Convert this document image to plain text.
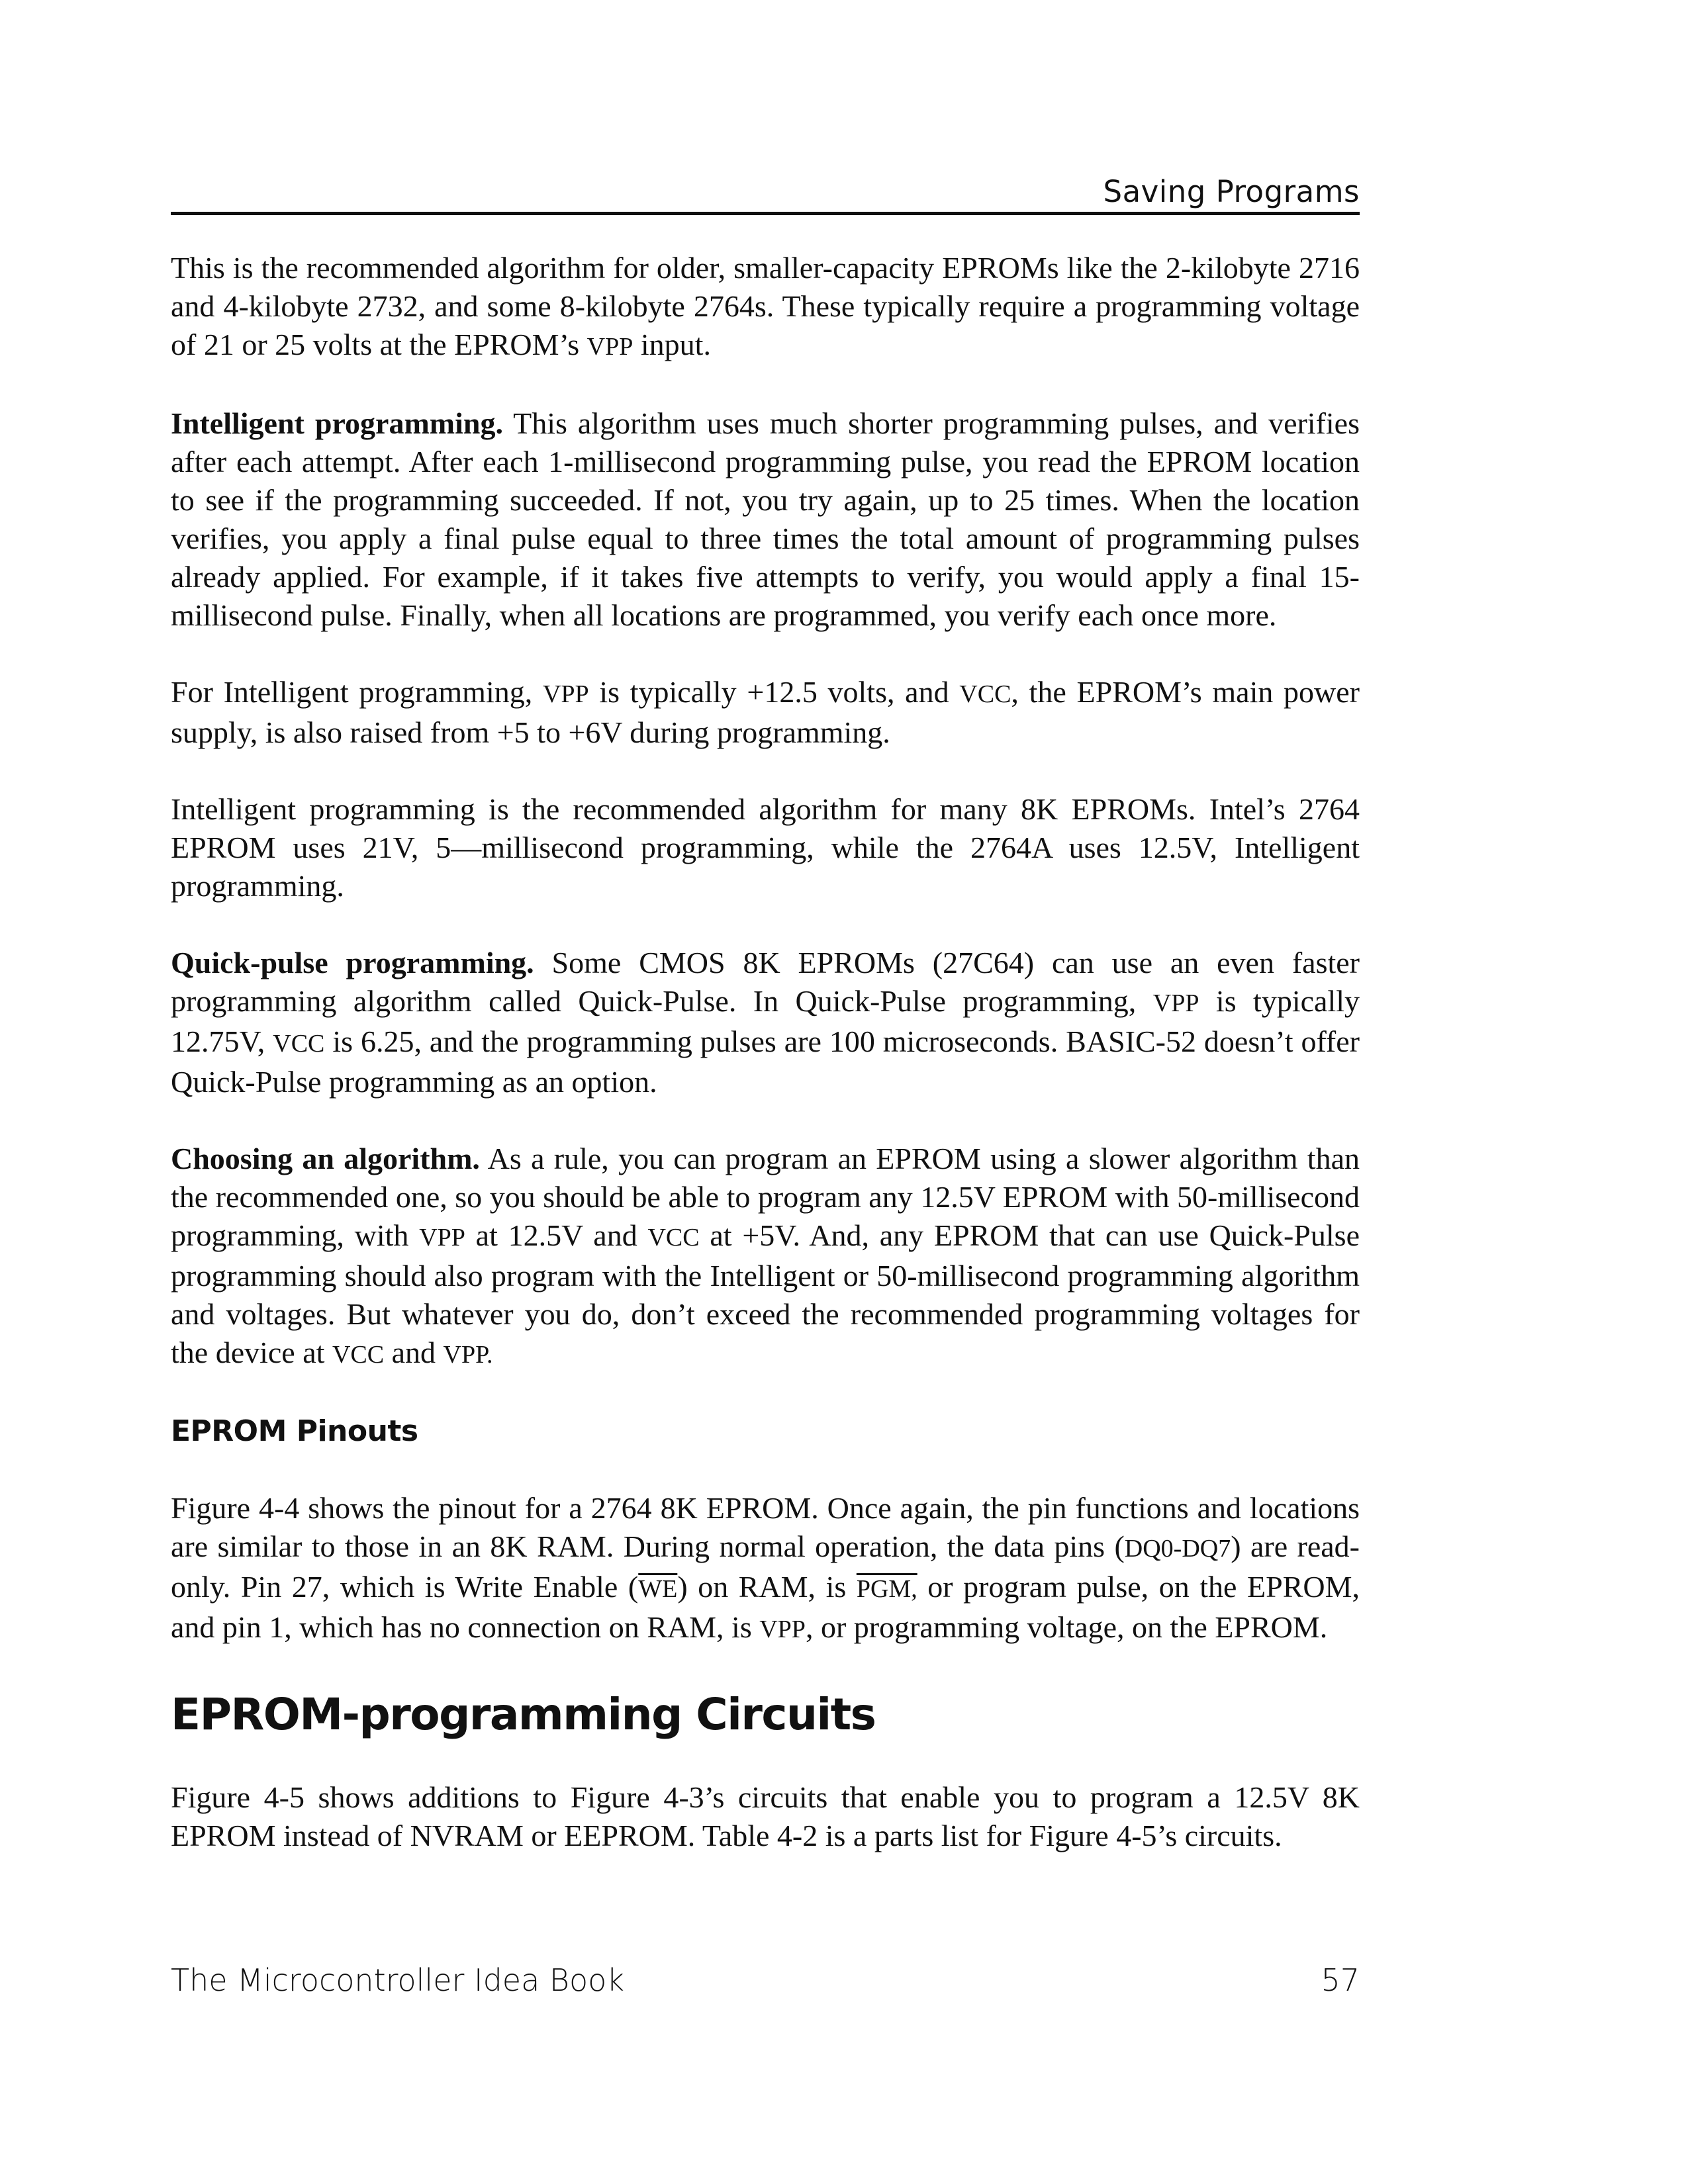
Saving Programs

This is the recommended algorithm for older, smaller-capacity EPROMs like the 2-kilobyte 2716 and 4-kilobyte 2732, and some 8-kilobyte 2764s. These typically require a programming voltage of 21 or 25 volts at the EPROM’s VPP input.

Intelligent programming. This algorithm uses much shorter programming pulses, and verifies after each attempt. After each 1-millisecond programming pulse, you read the EPROM location to see if the programming succeeded. If not, you try again, up to 25 times. When the location verifies, you apply a final pulse equal to three times the total amount of programming pulses already applied. For example, if it takes five attempts to verify, you would apply a final 15-millisecond pulse. Finally, when all locations are programmed, you verify each once more.

For Intelligent programming, VPP is typically +12.5 volts, and VCC, the EPROM’s main power supply, is also raised from +5 to +6V during programming.

Intelligent programming is the recommended algorithm for many 8K EPROMs. Intel’s 2764 EPROM uses 21V, 5—millisecond programming, while the 2764A uses 12.5V, Intelligent programming.

Quick-pulse programming. Some CMOS 8K EPROMs (27C64) can use an even faster programming algorithm called Quick-Pulse. In Quick-Pulse programming, VPP is typically 12.75V, VCC is 6.25, and the programming pulses are 100 microseconds. BASIC-52 doesn’t offer Quick-Pulse programming as an option.

Choosing an algorithm. As a rule, you can program an EPROM using a slower algorithm than the recommended one, so you should be able to program any 12.5V EPROM with 50-millisecond programming, with VPP at 12.5V and VCC at +5V. And, any EPROM that can use Quick-Pulse programming should also program with the Intelligent or 50-millisecond programming algorithm and voltages. But whatever you do, don’t exceed the recommended programming voltages for the device at VCC and VPP.

EPROM Pinouts

Figure 4-4 shows the pinout for a 2764 8K EPROM. Once again, the pin functions and locations are similar to those in an 8K RAM. During normal operation, the data pins (DQ0-DQ7) are read-only. Pin 27, which is Write Enable $(\overline{WE})$ on RAM, is PGM, or program pulse, on the EPROM, and pin 1, which has no connection on RAM, is VPP, or programming voltage, on the EPROM.

EPROM-programming Circuits

Figure 4-5 shows additions to Figure 4-3’s circuits that enable you to program a 12.5V 8K EPROM instead of NVRAM or EEPROM. Table 4-2 is a parts list for Figure 4-5’s circuits.

The Microcontroller Idea Book	57
